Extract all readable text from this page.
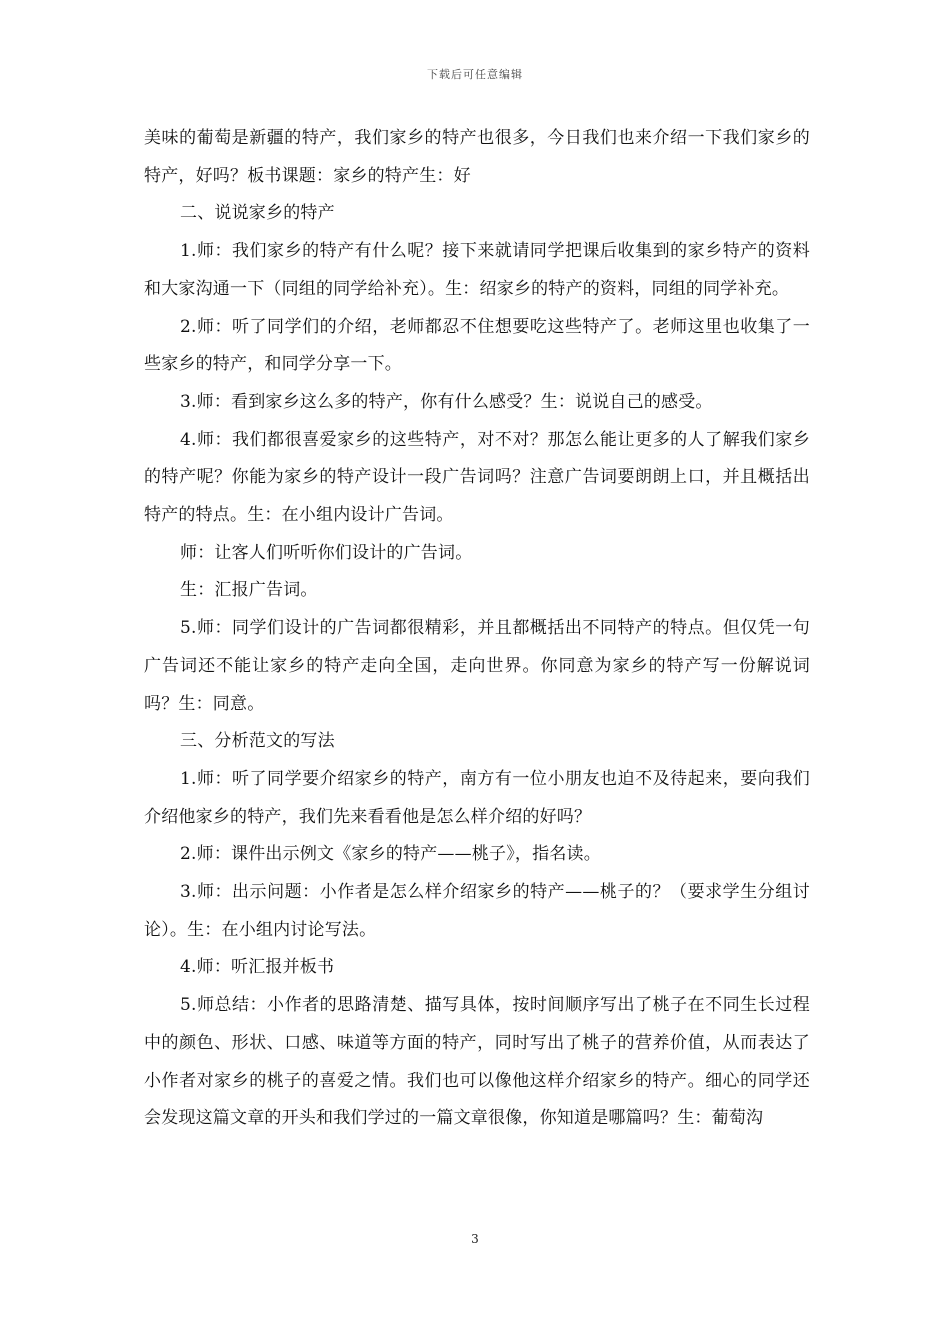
下载后可任意编辑

美味的葡萄是新疆的特产，我们家乡的特产也很多，今日我们也来介绍一下我们家乡的特产，好吗？板书课题：家乡的特产生：好

二、说说家乡的特产

1.师：我们家乡的特产有什么呢？接下来就请同学把课后收集到的家乡特产的资料和大家沟通一下（同组的同学给补充）。生：绍家乡的特产的资料，同组的同学补充。

2.师：听了同学们的介绍，老师都忍不住想要吃这些特产了。老师这里也收集了一些家乡的特产，和同学分享一下。

3.师：看到家乡这么多的特产，你有什么感受？生：说说自己的感受。

4.师：我们都很喜爱家乡的这些特产，对不对？那怎么能让更多的人了解我们家乡的特产呢？你能为家乡的特产设计一段广告词吗？注意广告词要朗朗上口，并且概括出特产的特点。生：在小组内设计广告词。

师：让客人们听听你们设计的广告词。

生：汇报广告词。

5.师：同学们设计的广告词都很精彩，并且都概括出不同特产的特点。但仅凭一句广告词还不能让家乡的特产走向全国，走向世界。你同意为家乡的特产写一份解说词吗？生：同意。

三、分析范文的写法

1.师：听了同学要介绍家乡的特产，南方有一位小朋友也迫不及待起来，要向我们介绍他家乡的特产，我们先来看看他是怎么样介绍的好吗？

2.师：课件出示例文《家乡的特产——桃子》，指名读。

3.师：出示问题：小作者是怎么样介绍家乡的特产——桃子的？（要求学生分组讨论）。生：在小组内讨论写法。

4.师：听汇报并板书

5.师总结：小作者的思路清楚、描写具体，按时间顺序写出了桃子在不同生长过程中的颜色、形状、口感、味道等方面的特产，同时写出了桃子的营养价值，从而表达了小作者对家乡的桃子的喜爱之情。我们也可以像他这样介绍家乡的特产。细心的同学还会发现这篇文章的开头和我们学过的一篇文章很像，你知道是哪篇吗？生：葡萄沟

3
